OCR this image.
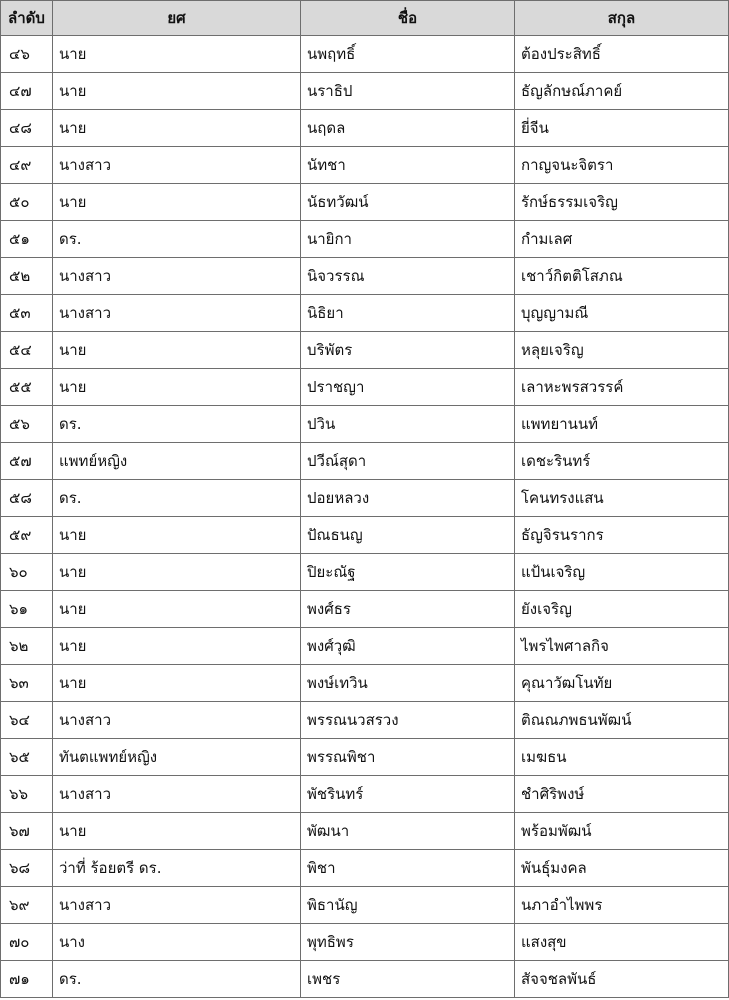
ลำดับ	ยศ	ชื่อ	สกุล
๔๖	นาย	นพฤทธิ์	ต้องประสิทธิ์
๔๗	นาย	นราธิป	ธัญลักษณ์ภาคย์
๔๘	นาย	นฤดล	ยี่จีน
๔๙	นางสาว	นัทชา	กาญจนะจิตรา
๕๐	นาย	นัธทวัฒน์	รักษ์ธรรมเจริญ
๕๑	ดร.	นายิกา	กำมเลศ
๕๒	นางสาว	นิจวรรณ	เชาว์กิตติโสภณ
๕๓	นางสาว	นิธิยา	บุญญามณี
๕๔	นาย	บริพัตร	หลุยเจริญ
๕๕	นาย	ปราชญา	เลาหะพรสวรรค์
๕๖	ดร.	ปวิน	แพทยานนท์
๕๗	แพทย์หญิง	ปวีณ์สุดา	เดชะรินทร์
๕๘	ดร.	ปอยหลวง	โคนทรงแสน
๕๙	นาย	ปัณธนญ	ธัญจิรนรากร
๖๐	นาย	ปิยะณัฐ	แป้นเจริญ
๖๑	นาย	พงศ์ธร	ยังเจริญ
๖๒	นาย	พงศ์วุฒิ	ไพรไพศาลกิจ
๖๓	นาย	พงษ์เทวิน	คุณาวัฒโนทัย
๖๔	นางสาว	พรรณนวสรวง	ติณณภพธนพัฒน์
๖๕	ทันตแพทย์หญิง	พรรณพิชา	เมฆธน
๖๖	นางสาว	พัชรินทร์	ชำศิริพงษ์
๖๗	นาย	พัฒนา	พร้อมพัฒน์
๖๘	ว่าที่ ร้อยตรี ดร.	พิชา	พันธุ์มงคล
๖๙	นางสาว	พิธานัญ	นภาอำไพพร
๗๐	นาง	พุทธิพร	แสงสุข
๗๑	ดร.	เพชร	สัจจชลพันธ์
